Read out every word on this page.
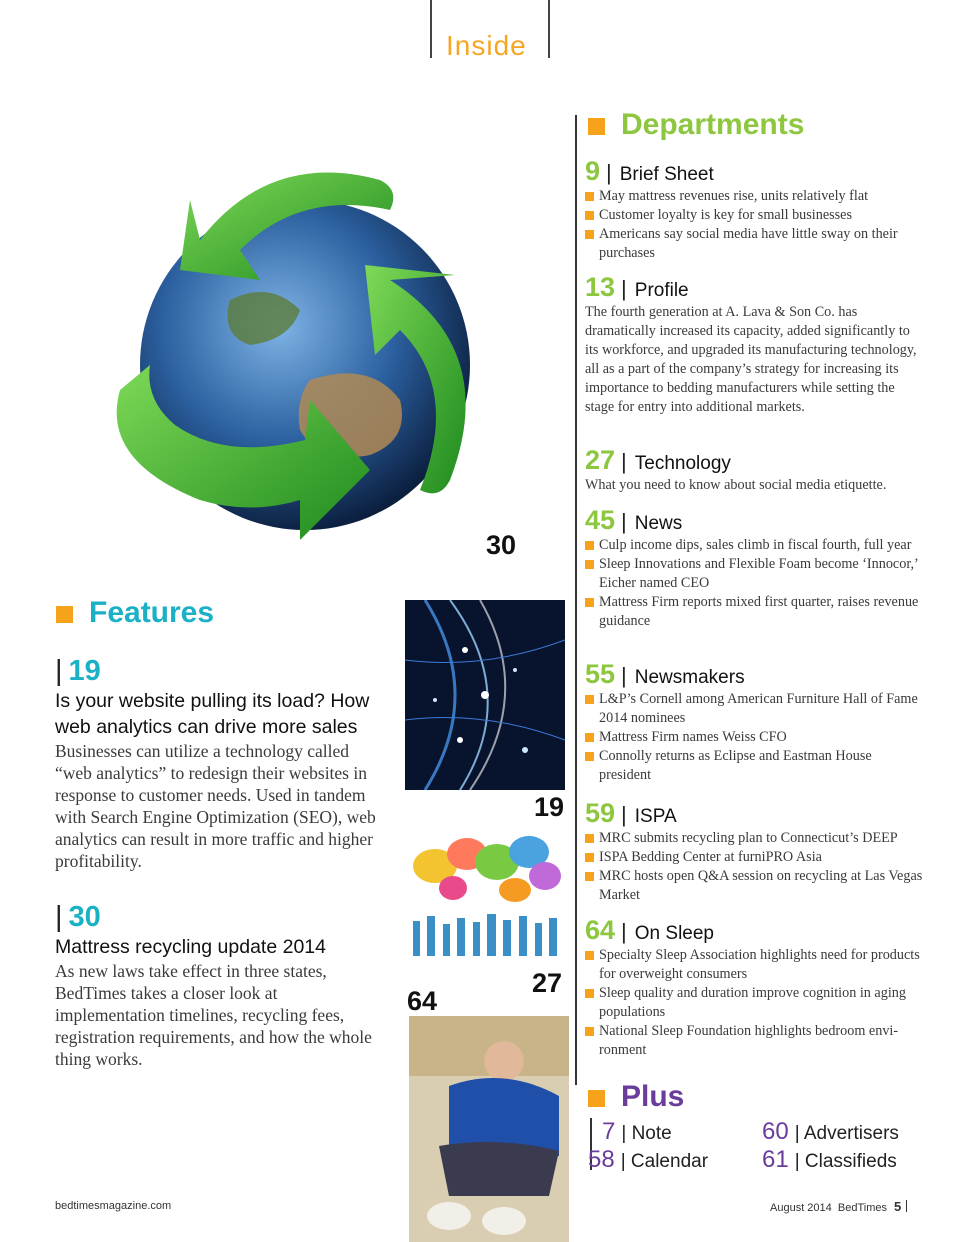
Inside
30
Features
| 19
Is your website pulling its load? How web analytics can drive more sales
Businesses can utilize a technology called “web analytics” to redesign their websites in response to customer needs. Used in tandem with Search Engine Optimization (SEO), web analytics can result in more traffic and higher profitability.
| 30
Mattress recycling update 2014
As new laws take effect in three states, BedTimes takes a closer look at implementation timelines, recycling fees, registration requirements, and how the whole thing works.
19
27
64
Departments
9 | Brief Sheet
May mattress revenues rise, units relatively flat
Customer loyalty is key for small businesses
Americans say social media have little sway on their purchases
13 | Profile
The fourth generation at A. Lava & Son Co. has dramatically increased its capacity, added significantly to its workforce, and upgraded its manufacturing technology, all as a part of the company’s strategy for increasing its importance to bedding manufacturers while setting the stage for entry into additional markets.
27 | Technology
What you need to know about social media etiquette.
45 | News
Culp income dips, sales climb in fiscal fourth, full year
Sleep Innovations and Flexible Foam become ‘Innocor,’ Eicher named CEO
Mattress Firm reports mixed first quarter, raises revenue guidance
55 | Newsmakers
L&P’s Cornell among American Furniture Hall of Fame 2014 nominees
Mattress Firm names Weiss CFO
Connolly returns as Eclipse and Eastman House president
59 | ISPA
MRC submits recycling plan to Connecticut’s DEEP
ISPA Bedding Center at furniPRO Asia
MRC hosts open Q&A session on recycling at Las Vegas Market
64 | On Sleep
Specialty Sleep Association highlights need for products for overweight consumers
Sleep quality and duration improve cognition in aging populations
National Sleep Foundation highlights bedroom envi-ronment
Plus
7 | Note	60 | Advertisers
58 | Calendar 61 | Classifieds
bedtimesmagazine.com	August 2014  BedTimes 5
